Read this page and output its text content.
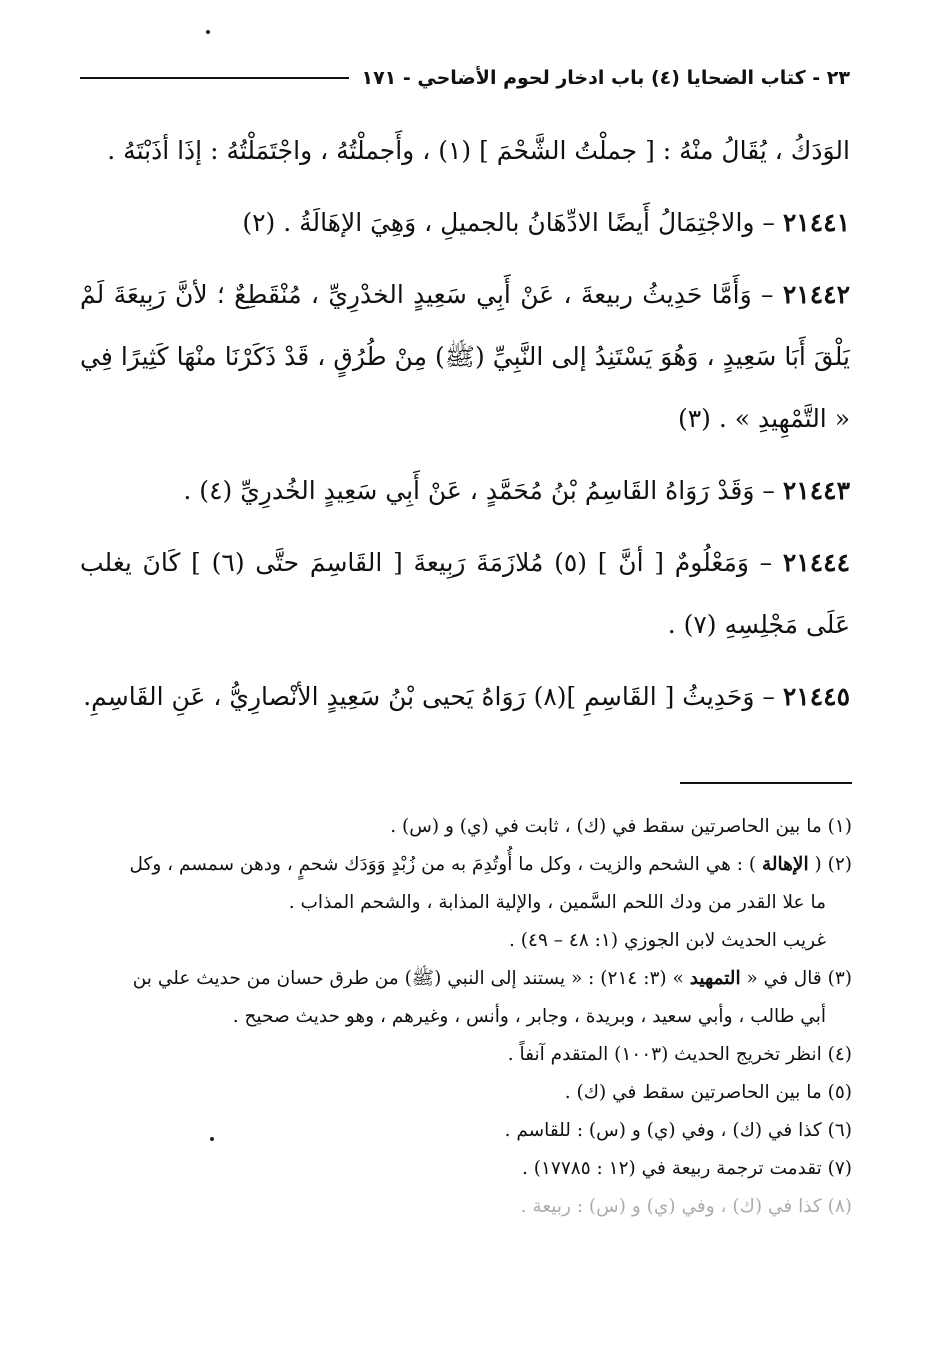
٢٣ - كتاب الضحايا (٤) باب ادخار لحوم الأضاحي - ١٧١

الوَدَكُ ، يُقَالُ منْهُ : [ جملْتُ الشَّحْمَ ] (١) ، وأَجملْتُهُ ، واجْتَمَلْتُهُ : إذَا أذَبْتَهُ .

٢١٤٤١ – والاجْتِمَالُ أَيضًا الادِّهَانُ بالجميلِ ، وَهِيَ الإهَالَةُ . (٢)

٢١٤٤٢ – وَأَمَّا حَدِيثُ ربيعةَ ، عَنْ أَبِي سَعِيدٍ الخدْرِيِّ ، مُنْقَطِعٌ ؛ لأنَّ رَبِيعَةَ لَمْ يَلْقَ أَبَا سَعِيدٍ ، وَهُوَ يَسْتَنِدُ إلى النَّبِيِّ (ﷺ) مِنْ طُرُقٍ ، قَدْ ذَكَرْنَا منْهَا كَثِيرًا فِي « التَّمْهِيدِ » . (٣)

٢١٤٤٣ – وَقَدْ رَوَاهُ القَاسِمُ بْنُ مُحَمَّدٍ ، عَنْ أَبِي سَعِيدٍ الخُدرِيِّ (٤) .

٢١٤٤٤ – وَمَعْلُومٌ [ أنَّ ] (٥) مُلازَمَةَ رَبِيعةَ [ القَاسِمَ حتَّى (٦) ] كَانَ يغلب عَلَى مَجْلِسِهِ (٧) .

٢١٤٤٥ – وَحَدِيثُ [ القَاسِمِ ](٨) رَوَاهُ يَحيى بْنُ سَعِيدٍ الأنْصارِيُّ ، عَنِ القَاسِمِ.

(١) ما بين الحاصرتين سقط في (ك) ، ثابت في (ي) و (س) .

(٢) ( الإهالة ) : هي الشحم والزيت ، وكل ما أُوتُدِمَ به من زُبْدٍ وَوَدَك شحمٍ ، ودهن سمسم ، وكل

ما علا القدر من ودك اللحم السَّمين ، والإلية المذابة ، والشحم المذاب .

غريب الحديث لابن الجوزي (١: ٤٨ – ٤٩) .

(٣) قال في « التمهيد » (٣: ٢١٤) : « يستند إلى النبي (ﷺ) من طرق حسان من حديث علي بن

أبي طالب ، وأبي سعيد ، وبريدة ، وجابر ، وأنس ، وغيرهم ، وهو حديث صحيح .

(٤) انظر تخريج الحديث (١٠٠٣) المتقدم آنفاً .

(٥) ما بين الحاصرتين سقط في (ك) .

(٦) كذا في (ك) ، وفي (ي) و (س) : للقاسم .

(٧) تقدمت ترجمة ربيعة في (١٢ : ١٧٧٨٥) .

(٨) كذا في (ك) ، وفي (ي) و (س) : ربيعة .
